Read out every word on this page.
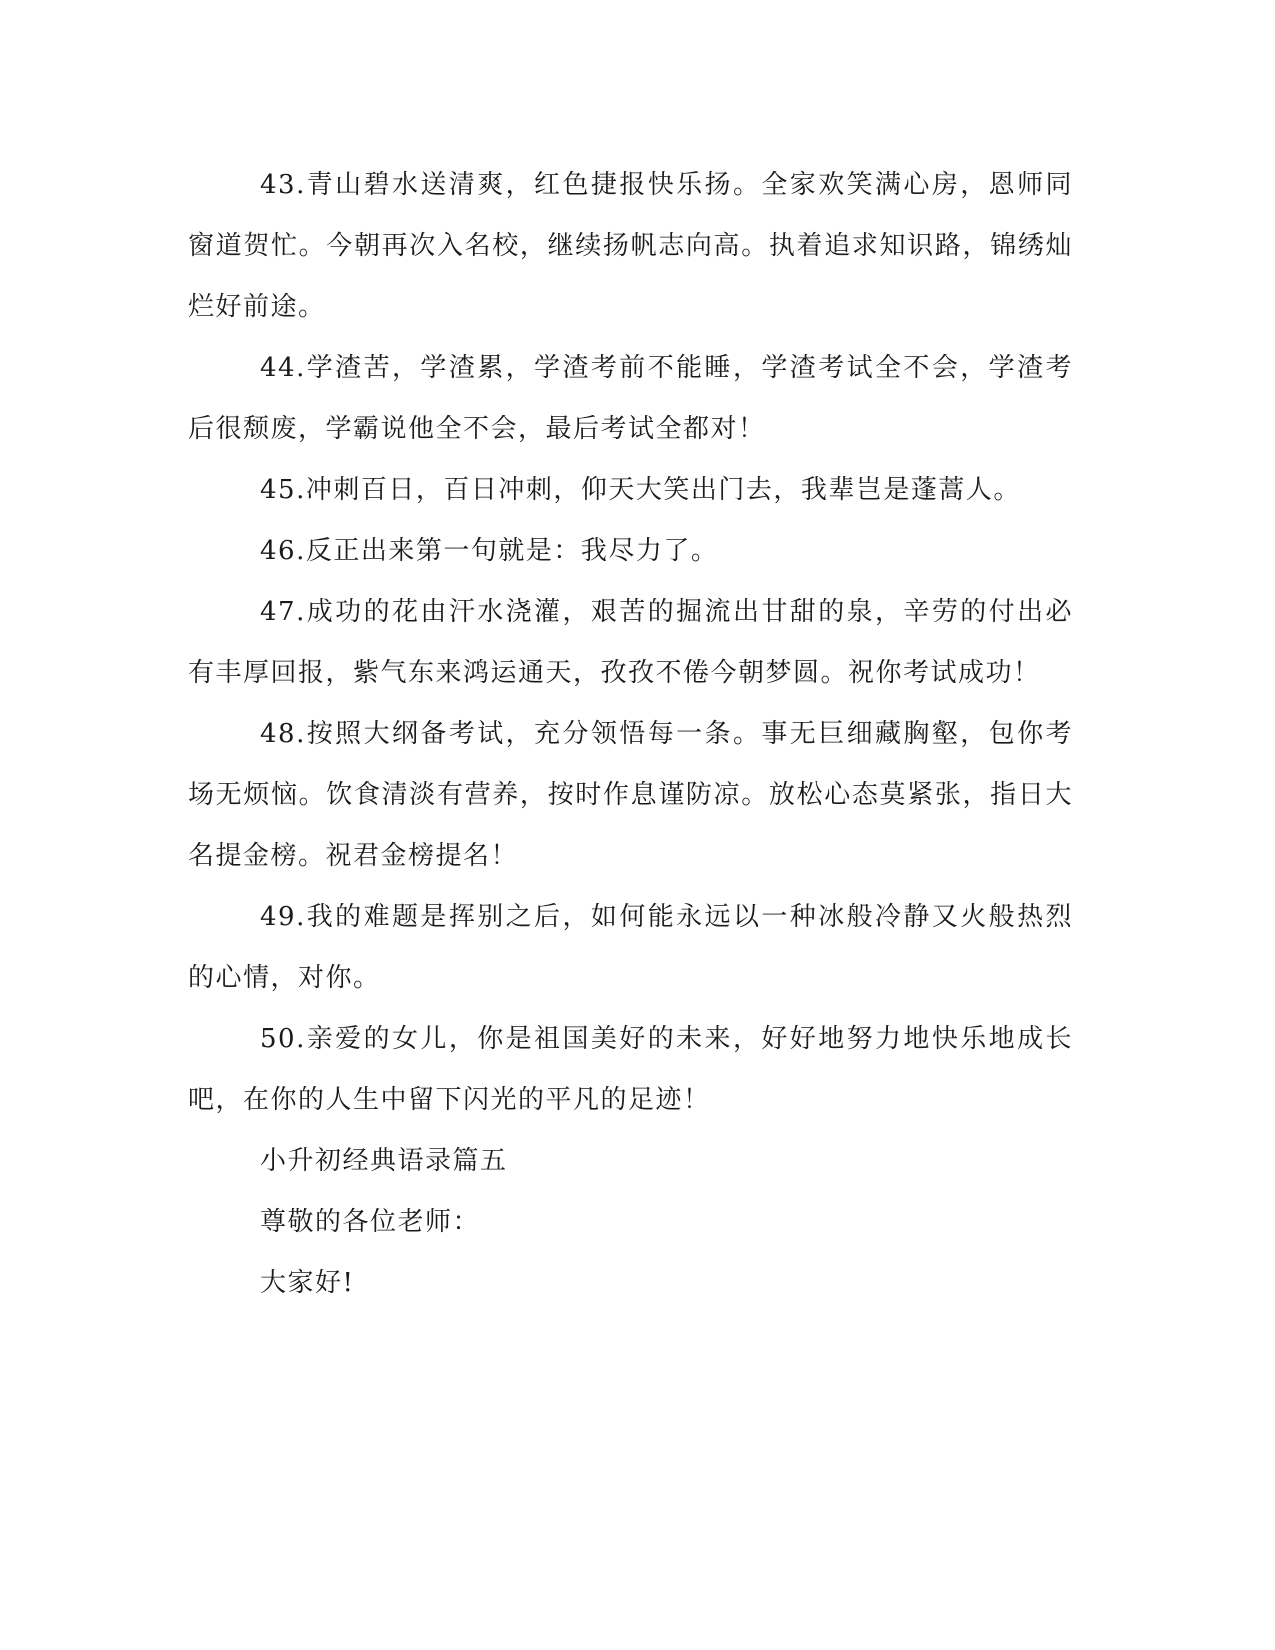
43.青山碧水送清爽，红色捷报快乐扬。全家欢笑满心房，恩师同窗道贺忙。今朝再次入名校，继续扬帆志向高。执着追求知识路，锦绣灿烂好前途。

44.学渣苦，学渣累，学渣考前不能睡，学渣考试全不会，学渣考后很颓废，学霸说他全不会，最后考试全都对！

45.冲刺百日，百日冲刺，仰天大笑出门去，我辈岂是蓬蒿人。

46.反正出来第一句就是：我尽力了。

47.成功的花由汗水浇灌，艰苦的掘流出甘甜的泉，辛劳的付出必有丰厚回报，紫气东来鸿运通天，孜孜不倦今朝梦圆。祝你考试成功！

48.按照大纲备考试，充分领悟每一条。事无巨细藏胸壑，包你考场无烦恼。饮食清淡有营养，按时作息谨防凉。放松心态莫紧张，指日大名提金榜。祝君金榜提名！

49.我的难题是挥别之后，如何能永远以一种冰般冷静又火般热烈的心情，对你。

50.亲爱的女儿，你是祖国美好的未来，好好地努力地快乐地成长吧，在你的人生中留下闪光的平凡的足迹！

小升初经典语录篇五

尊敬的各位老师：

大家好!
